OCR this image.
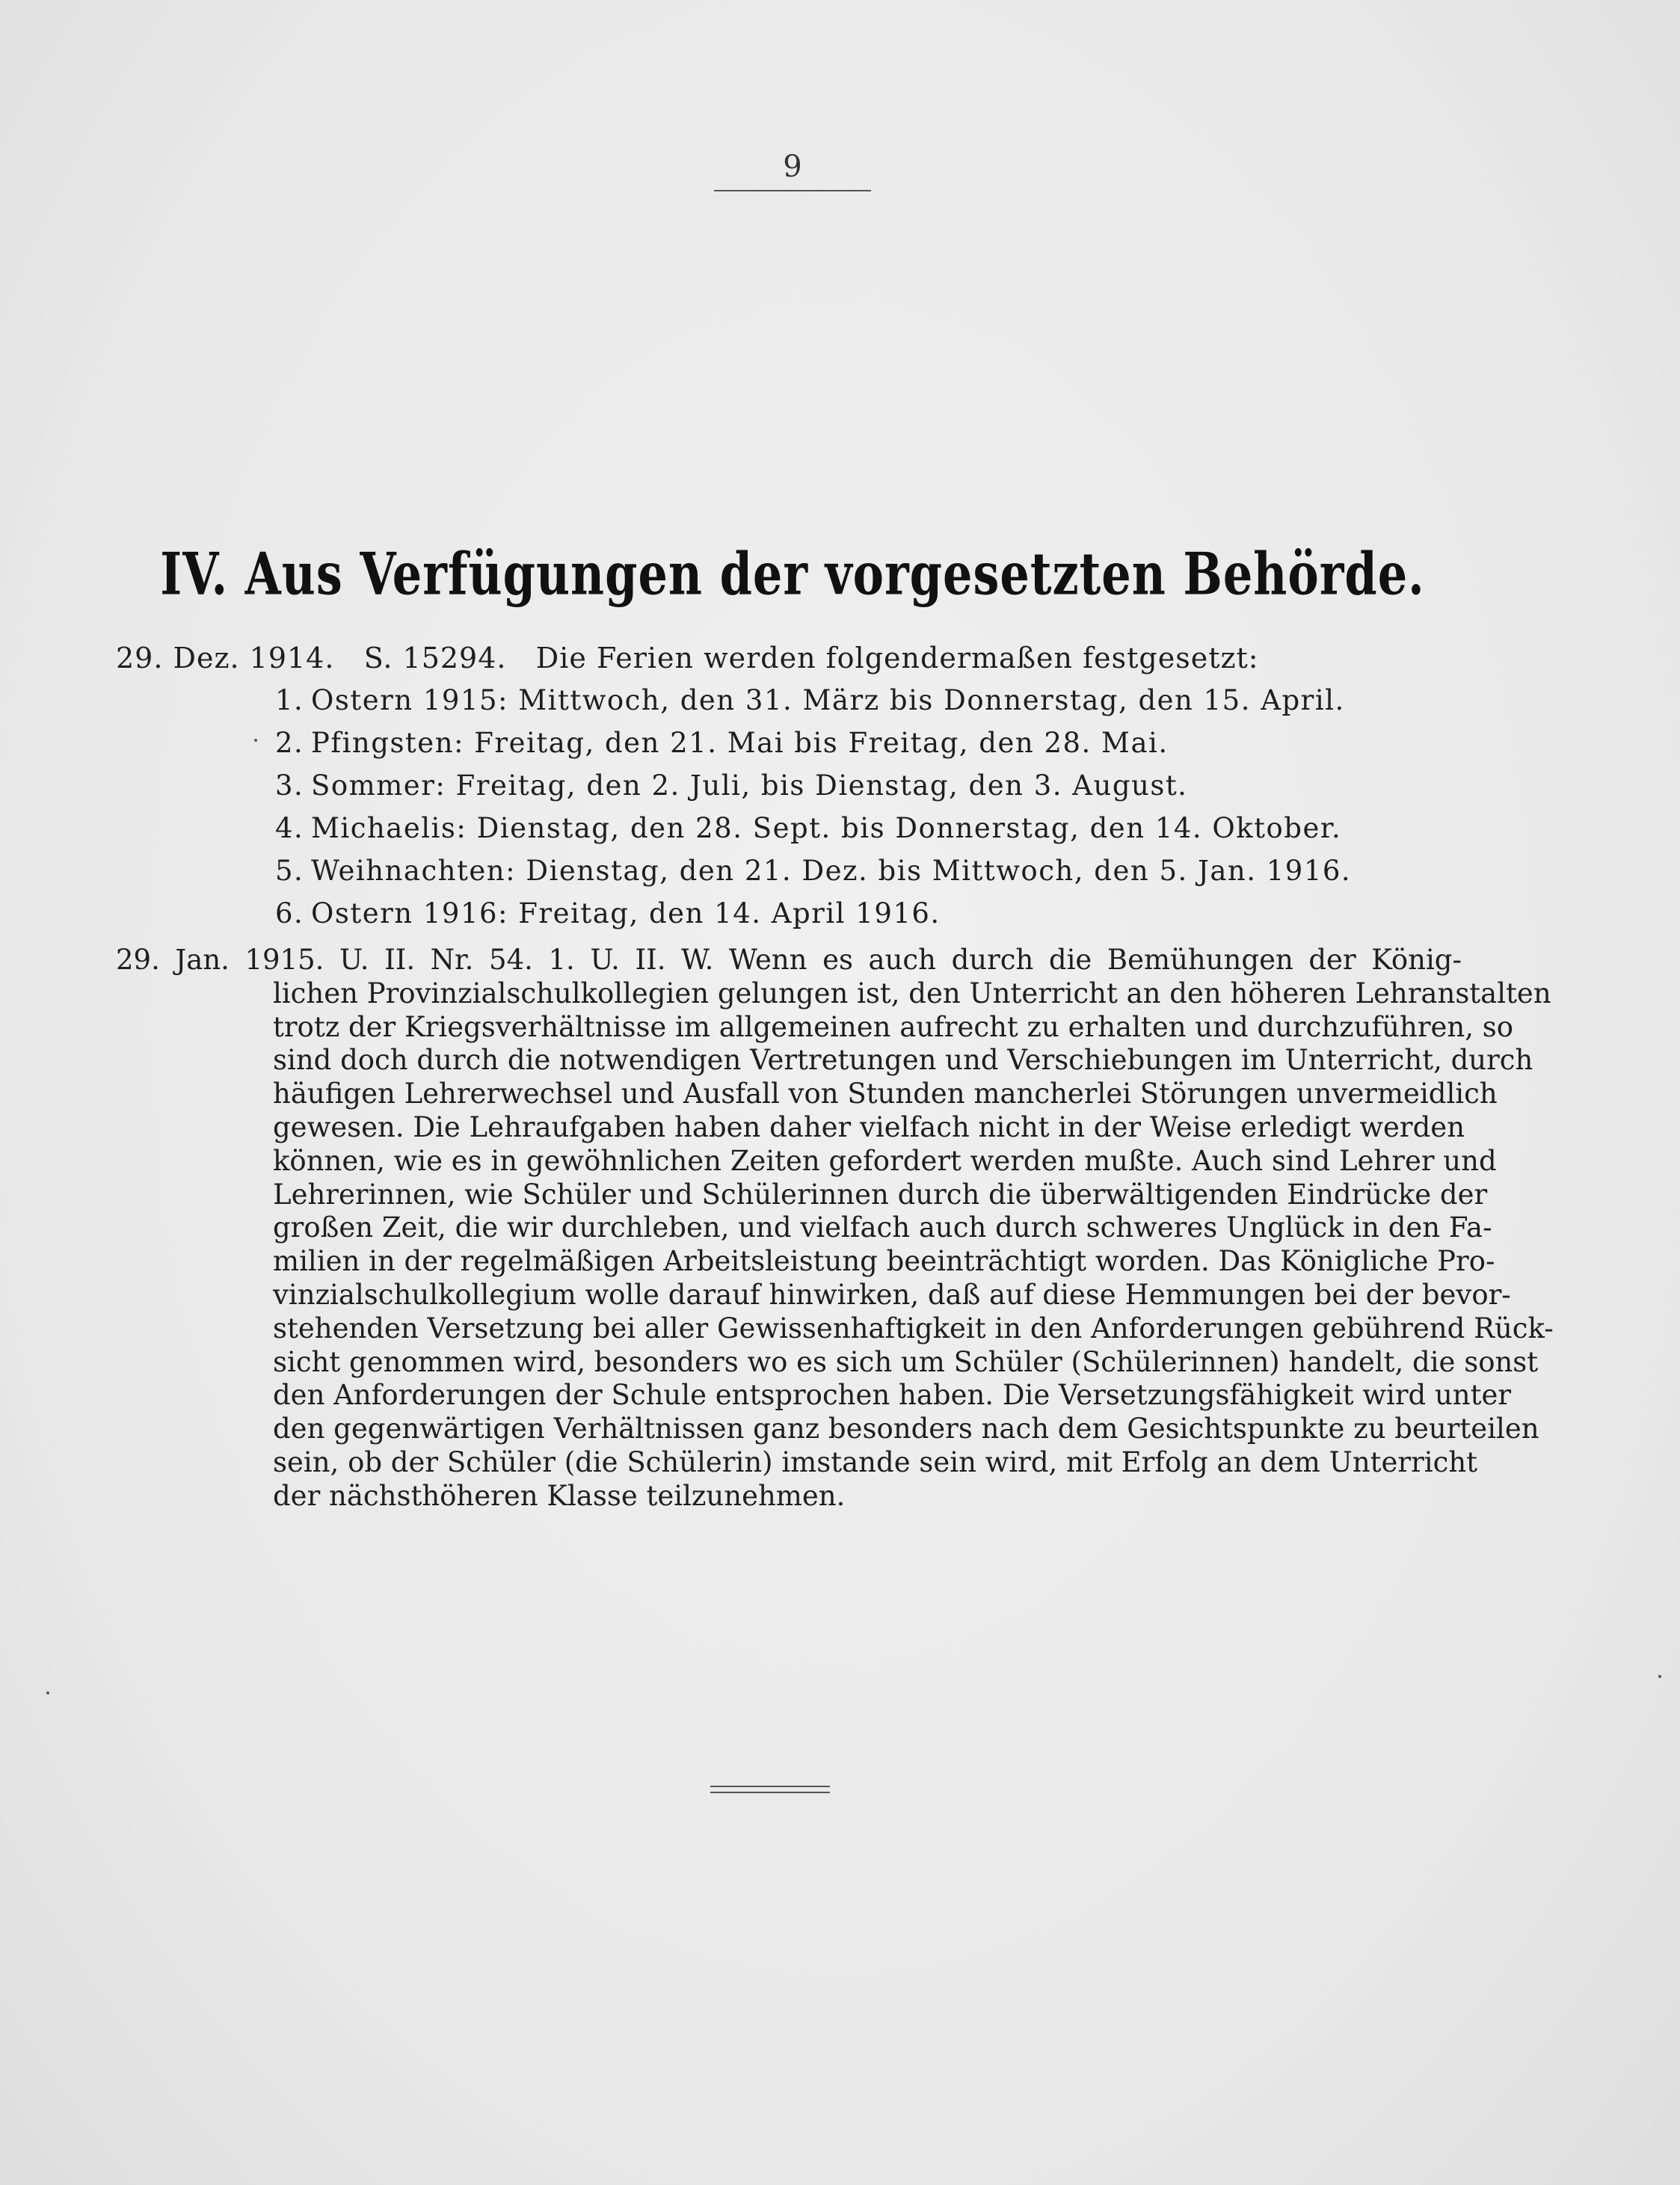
9
IV. Aus Verfügungen der vorgesetzten Behörde.
29. Dez. 1914. S. 15294. Die Ferien werden folgendermaßen festgesetzt:
1. Ostern 1915: Mittwoch, den 31. März bis Donnerstag, den 15. April.
2. Pfingsten: Freitag, den 21. Mai bis Freitag, den 28. Mai.
3. Sommer: Freitag, den 2. Juli, bis Dienstag, den 3. August.
4. Michaelis: Dienstag, den 28. Sept. bis Donnerstag, den 14. Oktober.
5. Weihnachten: Dienstag, den 21. Dez. bis Mittwoch, den 5. Jan. 1916.
6. Ostern 1916: Freitag, den 14. April 1916.
29. Jan. 1915. U. II. Nr. 54. 1. U. II. W. Wenn es auch durch die Bemühungen der König-
lichen Provinzialschulkollegien gelungen ist, den Unterricht an den höheren Lehranstalten
trotz der Kriegsverhältnisse im allgemeinen aufrecht zu erhalten und durchzuführen, so
sind doch durch die notwendigen Vertretungen und Verschiebungen im Unterricht, durch
häufigen Lehrerwechsel und Ausfall von Stunden mancherlei Störungen unvermeidlich
gewesen. Die Lehraufgaben haben daher vielfach nicht in der Weise erledigt werden
können, wie es in gewöhnlichen Zeiten gefordert werden mußte. Auch sind Lehrer und
Lehrerinnen, wie Schüler und Schülerinnen durch die überwältigenden Eindrücke der
großen Zeit, die wir durchleben, und vielfach auch durch schweres Unglück in den Fa-
milien in der regelmäßigen Arbeitsleistung beeinträchtigt worden. Das Königliche Pro-
vinzialschulkollegium wolle darauf hinwirken, daß auf diese Hemmungen bei der bevor-
stehenden Versetzung bei aller Gewissenhaftigkeit in den Anforderungen gebührend Rück-
sicht genommen wird, besonders wo es sich um Schüler (Schülerinnen) handelt, die sonst
den Anforderungen der Schule entsprochen haben. Die Versetzungsfähigkeit wird unter
den gegenwärtigen Verhältnissen ganz besonders nach dem Gesichtspunkte zu beurteilen
sein, ob der Schüler (die Schülerin) imstande sein wird, mit Erfolg an dem Unterricht
der nächsthöheren Klasse teilzunehmen.
